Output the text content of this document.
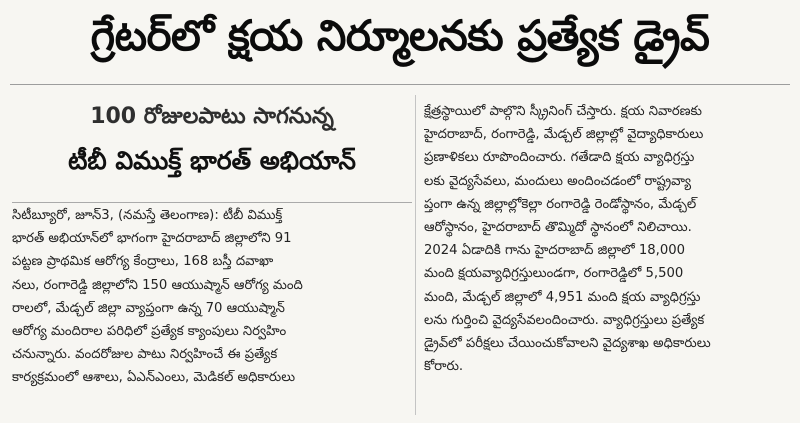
గ్రేటర్‌లో క్షయ నిర్మూలనకు ప్రత్యేక డ్రైవ్
100 రోజులపాటు సాగనున్న
టీబీ విముక్త్ భారత్ అభియాన్
సిటీబ్యూరో, జూన్3, (నమస్తే తెలంగాణ): టీబీ విముక్త్
భారత్ అభియాన్‌లో భాగంగా హైదరాబాద్ జిల్లాలోని 91
పట్టణ ప్రాథమిక ఆరోగ్య కేంద్రాలు, 168 బస్తీ దవాఖా
నలు, రంగారెడ్డి జిల్లాలోని 150 ఆయుష్మాన్ ఆరోగ్య మంది
రాలలో, మేడ్చల్ జిల్లా వ్యాప్తంగా ఉన్న 70 ఆయుష్మాన్
ఆరోగ్య మందిరాల పరిధిలో ప్రత్యేక క్యాంపులు నిర్వహిం
చనున్నారు. వందరోజుల పాటు నిర్వహించే ఈ ప్రత్యేక
కార్యక్రమంలో ఆశాలు, ఏఎన్ఎంలు, మెడికల్ అధికారులు
క్షేత్రస్థాయిలో పాల్గొని స్క్రీనింగ్ చేస్తారు. క్షయ నివారణకు
హైదరాబాద్, రంగారెడ్డి, మేడ్చల్ జిల్లాల్లో వైద్యాధికారులు
ప్రణాళికలు రూపొందించారు. గతేడాది క్షయ వ్యాధిగ్రస్తు
లకు వైద్యసేవలు, మందులు అందించడంలో రాష్ట్రవ్యా
ప్తంగా ఉన్న జిల్లాల్లోకెల్లా రంగారెడ్డి రెండోస్థానం, మేడ్చల్
ఆరోస్థానం, హైదరాబాద్ తొమ్మిదో స్థానంలో నిలిచాయి.
2024 ఏడాదికి గాను హైదరాబాద్ జిల్లాలో 18,000
మంది క్షయవ్యాధిగ్రస్తులుండగా, రంగారెడ్డిలో 5,500
మంది, మేడ్చల్ జిల్లాలో 4,951 మంది క్షయ వ్యాధిగ్రస్తు
లను గుర్తించి వైద్యసేవలందించారు. వ్యాధిగ్రస్తులు ప్రత్యేక
డ్రైవ్‌లో పరీక్షలు చేయించుకోవాలని వైద్యశాఖ అధికారులు
కోరారు.
